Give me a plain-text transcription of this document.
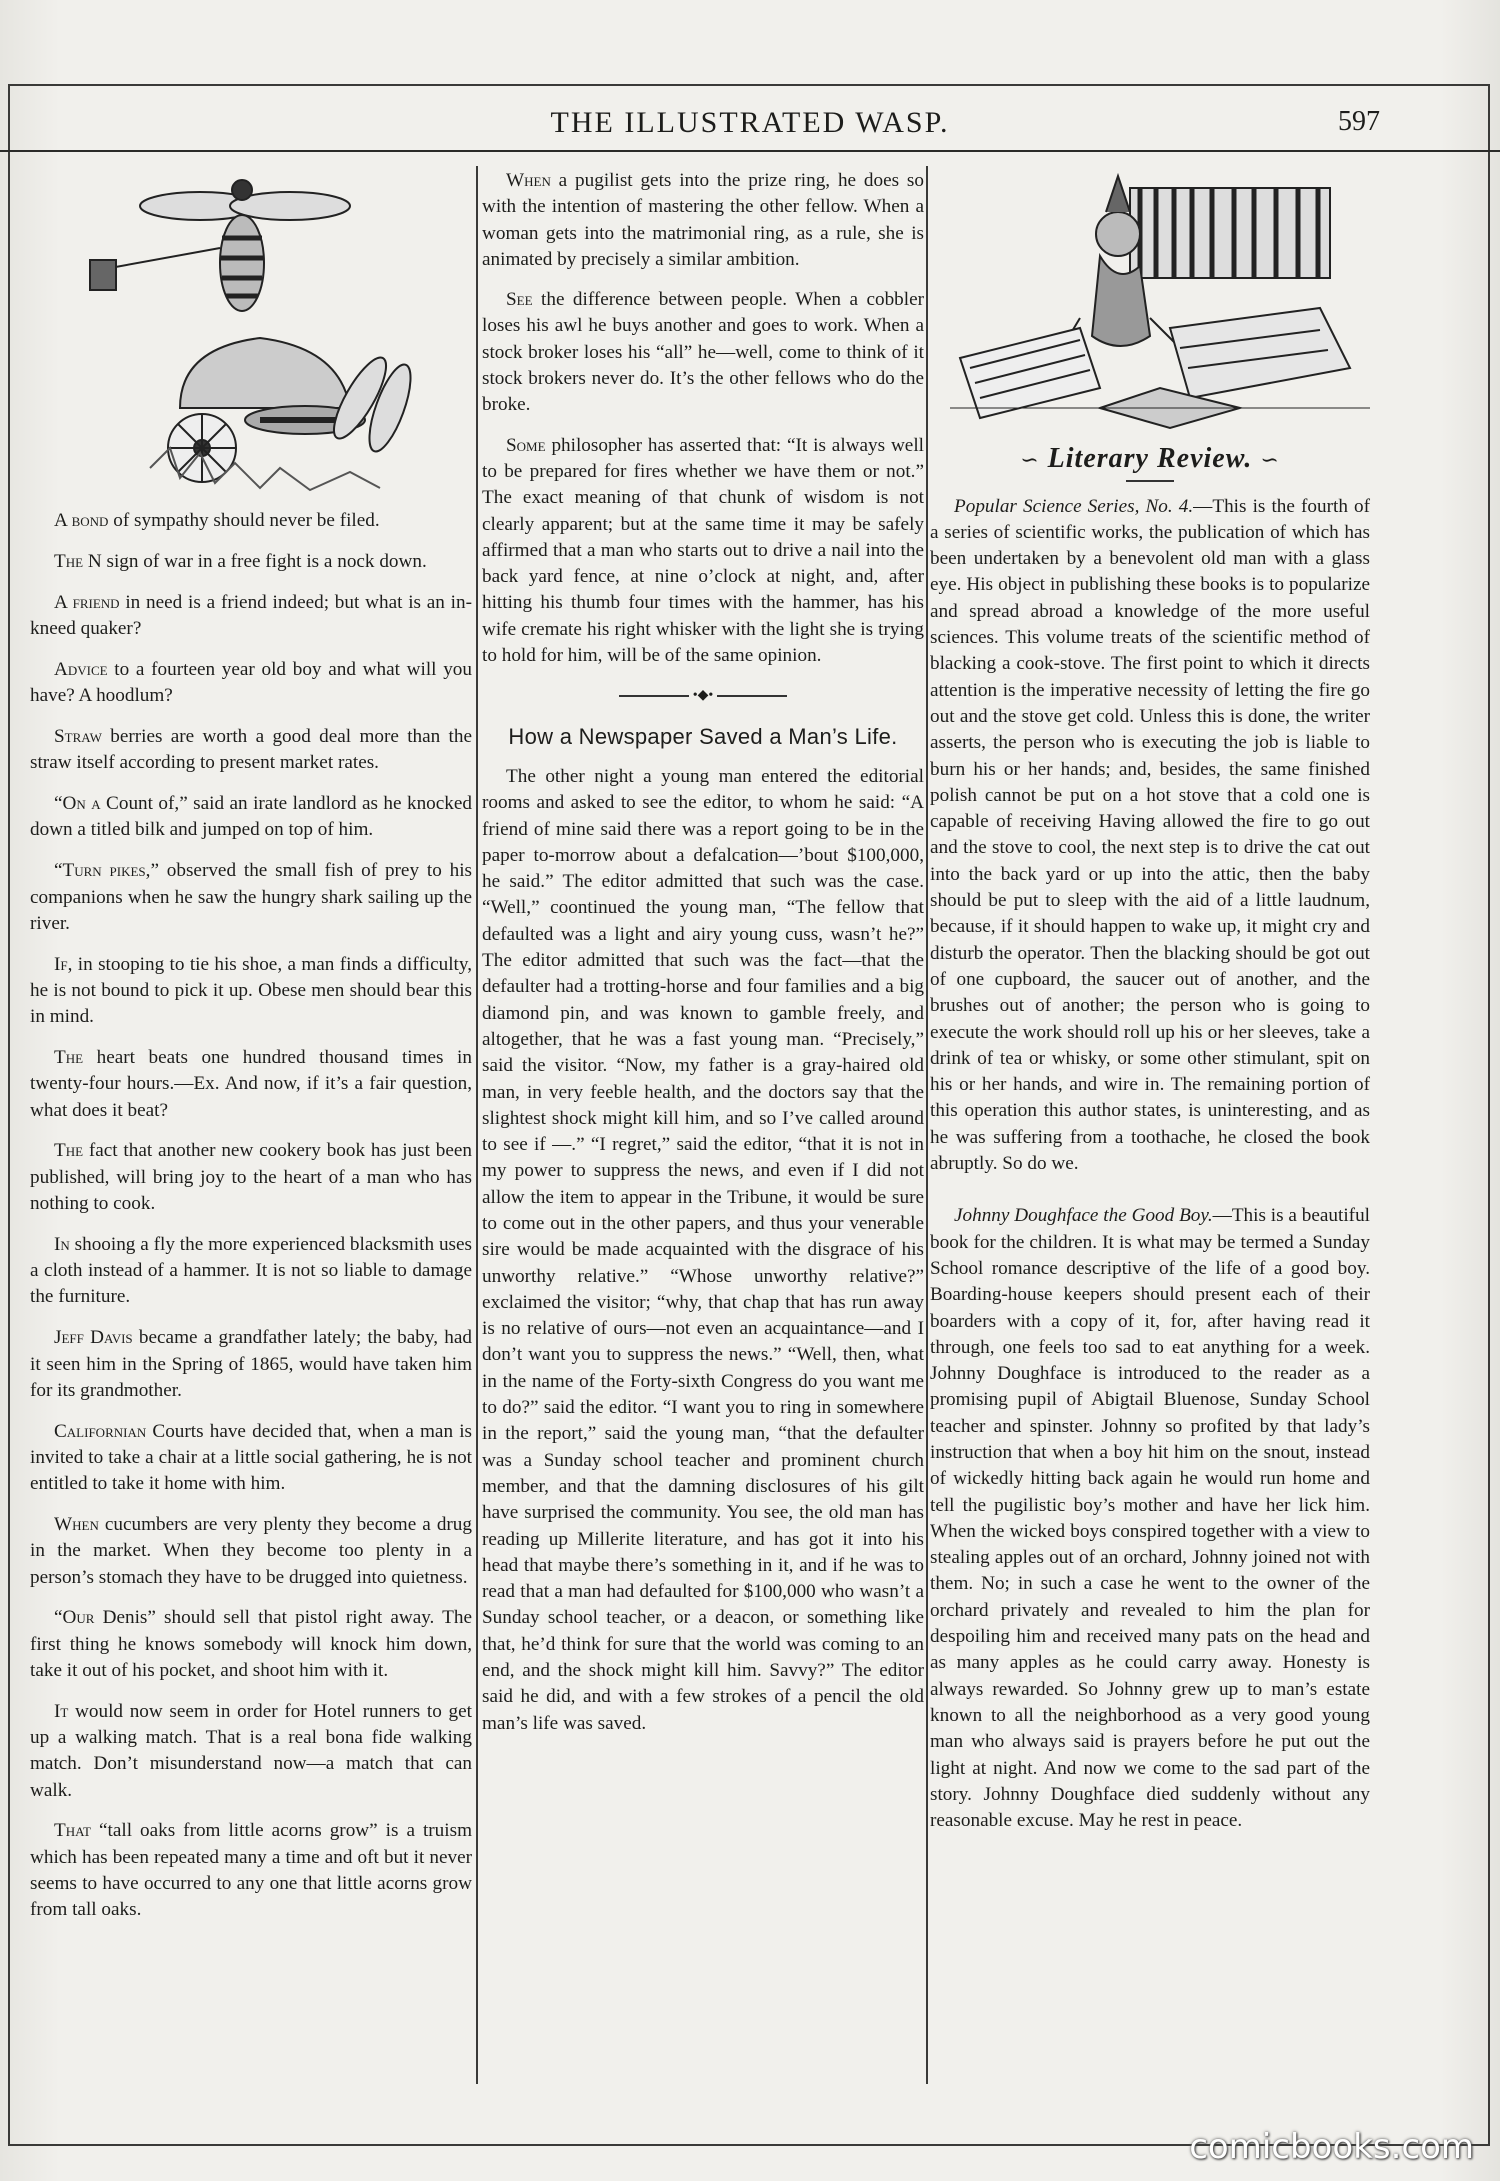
THE ILLUSTRATED WASP.	597

A bond of sympathy should never be filed.

The N sign of war in a free fight is a nock down.

A friend in need is a friend indeed; but what is an in-kneed quaker?

Advice to a fourteen year old boy and what will you have? A hoodlum?

Straw berries are worth a good deal more than the straw itself according to present market rates.

“On a Count of,” said an irate landlord as he knocked down a titled bilk and jumped on top of him.

“Turn pikes,” observed the small fish of prey to his companions when he saw the hungry shark sailing up the river.

If, in stooping to tie his shoe, a man finds a difficulty, he is not bound to pick it up. Obese men should bear this in mind.

The heart beats one hundred thousand times in twenty-four hours.—Ex. And now, if it’s a fair question, what does it beat?

The fact that another new cookery book has just been published, will bring joy to the heart of a man who has nothing to cook.

In shooing a fly the more experienced blacksmith uses a cloth instead of a hammer. It is not so liable to damage the furniture.

Jeff Davis became a grandfather lately; the baby, had it seen him in the Spring of 1865, would have taken him for its grandmother.

Californian Courts have decided that, when a man is invited to take a chair at a little social gathering, he is not entitled to take it home with him.

When cucumbers are very plenty they become a drug in the market. When they become too plenty in a person’s stomach they have to be drugged into quietness.

“Our Denis” should sell that pistol right away. The first thing he knows somebody will knock him down, take it out of his pocket, and shoot him with it.

It would now seem in order for Hotel runners to get up a walking match. That is a real bona fide walking match. Don’t misunderstand now—a match that can walk.

That “tall oaks from little acorns grow” is a truism which has been repeated many a time and oft but it never seems to have occurred to any one that little acorns grow from tall oaks.

When a pugilist gets into the prize ring, he does so with the intention of mastering the other fellow. When a woman gets into the matrimonial ring, as a rule, she is animated by precisely a similar ambition.

See the difference between people. When a cobbler loses his awl he buys another and goes to work. When a stock broker loses his “all” he—well, come to think of it stock brokers never do. It’s the other fellows who do the broke.

Some philosopher has asserted that: “It is always well to be prepared for fires whether we have them or not.” The exact meaning of that chunk of wisdom is not clearly apparent; but at the same time it may be safely affirmed that a man who starts out to drive a nail into the back yard fence, at nine o’clock at night, and, after hitting his thumb four times with the hammer, has his wife cremate his right whisker with the light she is trying to hold for him, will be of the same opinion.

•◆•
How a Newspaper Saved a Man’s Life.

The other night a young man entered the editorial rooms and asked to see the editor, to whom he said: “A friend of mine said there was a report going to be in the paper to-morrow about a defalcation—’bout $100,000, he said.” The editor admitted that such was the case. “Well,” coontinued the young man, “The fellow that defaulted was a light and airy young cuss, wasn’t he?” The editor admitted that such was the fact—that the defaulter had a trotting-horse and four families and a big diamond pin, and was known to gamble freely, and altogether, that he was a fast young man. “Precisely,” said the visitor. “Now, my father is a gray-haired old man, in very feeble health, and the doctors say that the slightest shock might kill him, and so I’ve called around to see if —.” “I regret,” said the editor, “that it is not in my power to suppress the news, and even if I did not allow the item to appear in the Tribune, it would be sure to come out in the other papers, and thus your venerable sire would be made acquainted with the disgrace of his unworthy relative.” “Whose unworthy relative?” exclaimed the visitor; “why, that chap that has run away is no relative of ours—not even an acquaintance—and I don’t want you to suppress the news.” “Well, then, what in the name of the Forty-sixth Congress do you want me to do?” said the editor. “I want you to ring in somewhere in the report,” said the young man, “that the defaulter was a Sunday school teacher and prominent church member, and that the damning disclosures of his gilt have surprised the community. You see, the old man has reading up Millerite literature, and has got it into his head that maybe there’s something in it, and if he was to read that a man had defaulted for $100,000 who wasn’t a Sunday school teacher, or a deacon, or something like that, he’d think for sure that the world was coming to an end, and the shock might kill him. Savvy?” The editor said he did, and with a few strokes of a pencil the old man’s life was saved.

∽ Literary Review. ∽

Popular Science Series, No. 4.—This is the fourth of a series of scientific works, the publication of which has been undertaken by a benevolent old man with a glass eye. His object in publishing these books is to popularize and spread abroad a knowledge of the more useful sciences. This volume treats of the scientific method of blacking a cook-stove. The first point to which it directs attention is the imperative necessity of letting the fire go out and the stove get cold. Unless this is done, the writer asserts, the person who is executing the job is liable to burn his or her hands; and, besides, the same finished polish cannot be put on a hot stove that a cold one is capable of receiving Having allowed the fire to go out and the stove to cool, the next step is to drive the cat out into the back yard or up into the attic, then the baby should be put to sleep with the aid of a little laudnum, because, if it should happen to wake up, it might cry and disturb the operator. Then the blacking should be got out of one cupboard, the saucer out of another, and the brushes out of another; the person who is going to execute the work should roll up his or her sleeves, take a drink of tea or whisky, or some other stimulant, spit on his or her hands, and wire in. The remaining portion of this operation this author states, is uninteresting, and as he was suffering from a toothache, he closed the book abruptly. So do we.

Johnny Doughface the Good Boy.—This is a beautiful book for the children. It is what may be termed a Sunday School romance descriptive of the life of a good boy. Boarding-house keepers should present each of their boarders with a copy of it, for, after having read it through, one feels too sad to eat anything for a week. Johnny Doughface is introduced to the reader as a promising pupil of Abigtail Bluenose, Sunday School teacher and spinster. Johnny so profited by that lady’s instruction that when a boy hit him on the snout, instead of wickedly hitting back again he would run home and tell the pugilistic boy’s mother and have her lick him. When the wicked boys conspired together with a view to stealing apples out of an orchard, Johnny joined not with them. No; in such a case he went to the owner of the orchard privately and revealed to him the plan for despoiling him and received many pats on the head and as many apples as he could carry away. Honesty is always rewarded. So Johnny grew up to man’s estate known to all the neighborhood as a very good young man who always said is prayers before he put out the light at night. And now we come to the sad part of the story. Johnny Doughface died suddenly without any reasonable excuse. May he rest in peace.

comicbooks.com
